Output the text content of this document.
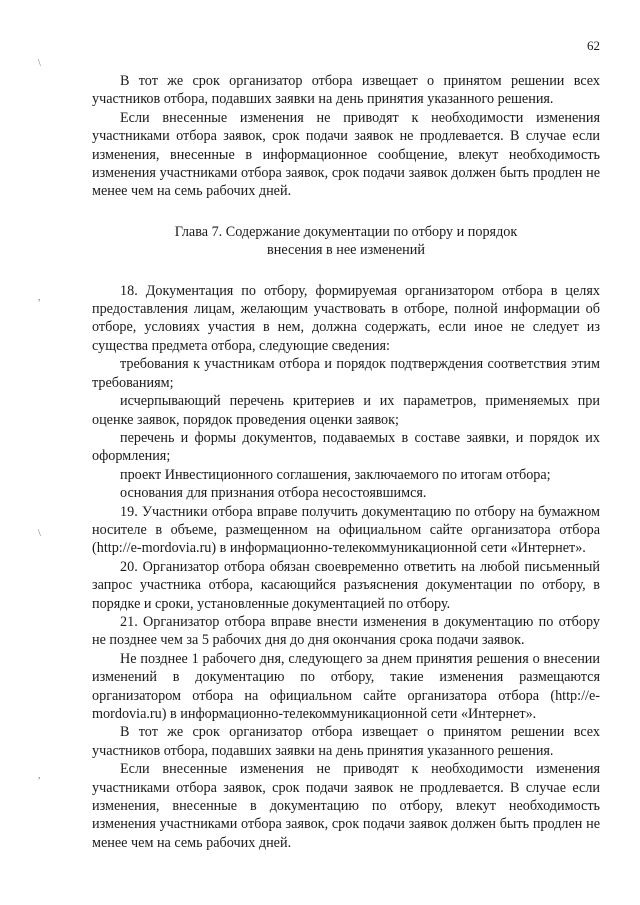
62
\
,
\
,

В тот же срок организатор отбора извещает о принятом решении всех участников отбора, подавших заявки на день принятия указанного решения.

Если внесенные изменения не приводят к необходимости изменения участниками отбора заявок, срок подачи заявок не продлевается. В случае если изменения, внесенные в информационное сообщение, влекут необходимость изменения участниками отбора заявок, срок подачи заявок должен быть продлен не менее чем на семь рабочих дней.

Глава 7. Содержание документации по отбору и порядок
внесения в нее изменений

18. Документация по отбору, формируемая организатором отбора в целях предоставления лицам, желающим участвовать в отборе, полной информации об отборе, условиях участия в нем, должна содержать, если иное не следует из существа предмета отбора, следующие сведения:

требования к участникам отбора и порядок подтверждения соответствия этим требованиям;

исчерпывающий перечень критериев и их параметров, применяемых при оценке заявок, порядок проведения оценки заявок;

перечень и формы документов, подаваемых в составе заявки, и порядок их оформления;

проект Инвестиционного соглашения, заключаемого по итогам отбора;

основания для признания отбора несостоявшимся.

19. Участники отбора вправе получить документацию по отбору на бумажном носителе в объеме, размещенном на официальном сайте организатора отбора (http://e-mordovia.ru) в информационно-телекоммуникационной сети «Интернет».

20. Организатор отбора обязан своевременно ответить на любой письменный запрос участника отбора, касающийся разъяснения документации по отбору, в порядке и сроки, установленные документацией по отбору.

21. Организатор отбора вправе внести изменения в документацию по отбору не позднее чем за 5 рабочих дня до дня окончания срока подачи заявок.

Не позднее 1 рабочего дня, следующего за днем принятия решения о внесении изменений в документацию по отбору, такие изменения размещаются организатором отбора на официальном сайте организатора отбора (http://e-mordovia.ru) в информационно-телекоммуникационной сети «Интернет».

В тот же срок организатор отбора извещает о принятом решении всех участников отбора, подавших заявки на день принятия указанного решения.

Если внесенные изменения не приводят к необходимости изменения участниками отбора заявок, срок подачи заявок не продлевается. В случае если изменения, внесенные в документацию по отбору, влекут необходимость изменения участниками отбора заявок, срок подачи заявок должен быть продлен не менее чем на семь рабочих дней.
